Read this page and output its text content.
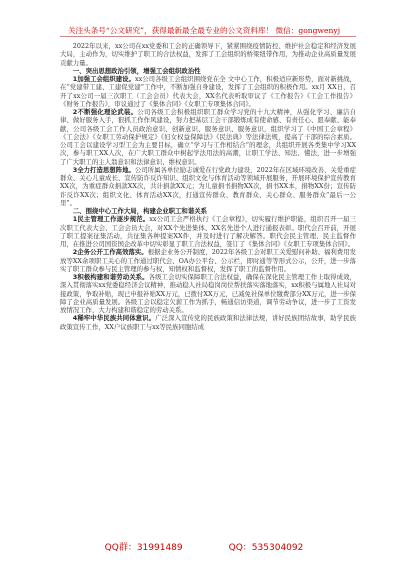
关注头条号“公文研究”，获得最新最全最专业的公文资料库！ 微信：gongwenyj

2022年以来，xx公司在xx党委和工会的正确领导下，紧紧围绕疫情防控、维护社会稳定和经济发展大局，主动作为，切实维护了职工的合法权益，发挥了工会组织的桥梁纽带作用，为推动企业高质量发展贡献力量。

一、突出思想政治引领，增强工会组织政治性

1加强工会组织建设。xx公司各级工会组织围绕党在全 文中心工作，积极适应新形势，面对新挑战，在“党建带工建、工建促党建”工作中，不断加强自身建设，发挥了工会组织的积极作用。xx月 XX日，召开了xx公司一届三次职工（工会会员）代表大会，XX名代表听取审议了《工作报告》《工会工作报告》《财务工作报告》，审议通过了《集体合同》《女职工专项集体合同》。

2不断强化理论武装。公司各级工会积极组织职工群众学习党的十九大精神，从强化学习、廉洁自律、做好服务入手，狠抓工作作风建设，努力把基层工会干部锻炼成有使命感、有责任心、愿奉献、能奉献，公司各级工会工作人员政治意识、创新意识、服务意识、服务意识，组织学习了《中国工会章程》《工会法》《女职工劳动保护规定》《妇女权益保障法》《民法典》等法律法规，提高了干部的综合素质。公司工会以建设学习型工会为主要目标，确立“学习与工作相结合”的理念，共组织开展各类集中学习XX次，参与职工XX人次，在广大职工群众中树起学法用法的高潮，让职工学法、知法、懂法，进一步增强了广大职工的主人翁意识和法律意识、维权意识。

3全力打造思想阵地。公司所属各单位励志诚爱在行党政力建设，2022年在区域环境改善、关爱重症群众、关心儿童成长、宣传防诈反诈知识、组织文化与体育活动等领域开展服务，开展环境保护宣传教育XX次，为重症群众捐款XX次，共计捐款XX元；为儿童捐书捐物XX次，捐书XX本，捐物XX份；宣传防诈反诈XX次；组织文化、体育活动XX次，打通宣传群众、教育群众、关心群众、服务群众“最后一公里”。

二、围绕中心工作大局，构建企业职工和谐关系

1民主管理工作逐步规范。xx公司工会严格执行《工会章程》，切实履行维护职能，组织召开一届三次职工代表大会、工会会员大会，对XX个先进集体、XX名先进个人进行通报表彰。职代会召开前，开展了职工提案征集活动，共征集各种提案XX件，并及时进行了解决解答。职代会民主管理、民主监督作用，在推进公司国资国企改革中切实彰显了职工合法权益，签订了《集体合同》《女职工专项集体合同》。

2企务公开工作高效落实。根据企业务公开制度，2022年各级工会对职工关爱慰问补助、福利费用发放等XX余项职工关心的工作通过职代会、OA办公平台、公示栏，即时通等等形式公示，公开，进一步落实了职工群众参与民主管理的参与权，知情权和监督权，发挥了职工的监督作用。

3积极构建和谐劳动关系。各级工会切实保障职工合法权益，确保在深化民主管理工作上取得成效，深入贯彻落实xx党委稳经济会议精神，推动稳人社局稳岗岗位帮扶落实落地落实，xx积极与属地人社局对接政策，争取补贴，现已申报补贴XX万元，已拨付XX万元，已减免社保单位缴费部分XX万元，进一步保障了企业高质量发展。各级工会以稳定欠薪工作为抓手，畅通信访渠道，调节劳动争议，进一步了工资发放情况工作，大力构建和谐稳定的劳动关系。

4稀牢中华民族共同体意识。广泛深入宣传党的民族政策和法律法规，讲好民族团结故事，助学民族政策宣传工作，XX户议族职工与xx等民族同胞结成

QQ群：31991489	QQ：535304092
